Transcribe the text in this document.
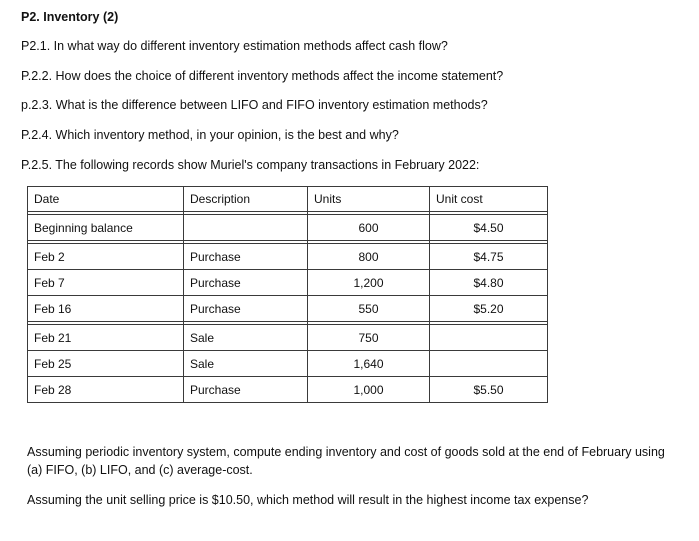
P2. Inventory (2)
P2.1. In what way do different inventory estimation methods affect cash flow?
P.2.2. How does the choice of different inventory methods affect the income statement?
p.2.3. What is the difference between LIFO and FIFO inventory estimation methods?
P.2.4. Which inventory method, in your opinion, is the best and why?
P.2.5. The following records show Muriel's company transactions in February 2022:
Date	Description	Units	Unit cost

Beginning balance		600	$4.50

Feb 2	Purchase	800	$4.75
Feb 7	Purchase	1,200	$4.80
Feb 16	Purchase	550	$5.20

Feb 21	Sale	750	
Feb 25	Sale	1,640	
Feb 28	Purchase	1,000	$5.50
Assuming periodic inventory system, compute ending inventory and cost of goods sold at the end of February using (a) FIFO, (b) LIFO, and (c) average-cost.
Assuming the unit selling price is $10.50, which method will result in the highest income tax expense?
